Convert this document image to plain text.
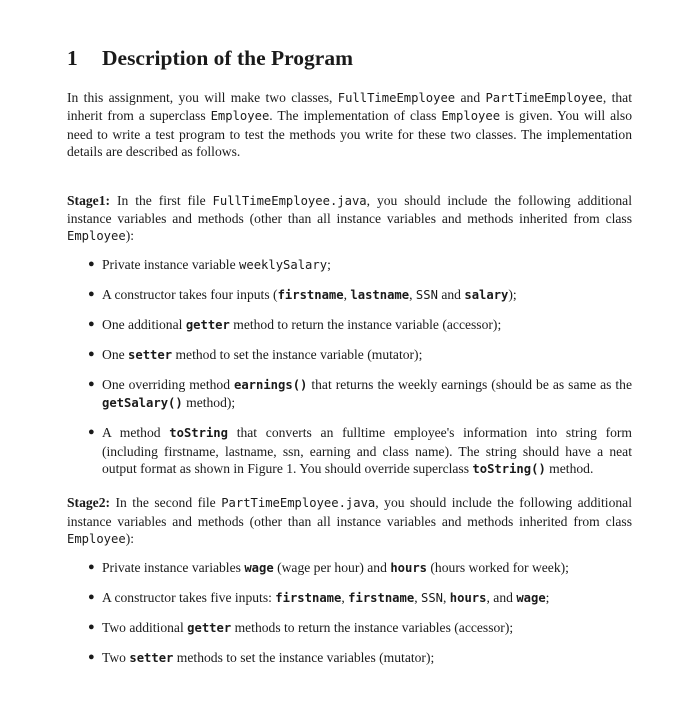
1 Description of the Program

In this assignment, you will make two classes, FullTimeEmployee and PartTimeEmployee, that inherit from a superclass Employee. The implementation of class Employee is given. You will also need to write a test program to test the methods you write for these two classes. The implementation details are described as follows.

Stage1: In the first file FullTimeEmployee.java, you should include the following additional instance variables and methods (other than all instance variables and methods inherited from class Employee):

● Private instance variable weeklySalary;
● A constructor takes four inputs (firstname, lastname, SSN and salary);
● One additional getter method to return the instance variable (accessor);
● One setter method to set the instance variable (mutator);
● One overriding method earnings() that returns the weekly earnings (should be as same as the getSalary() method);
● A method toString that converts an fulltime employee's information into string form (including firstname, lastname, ssn, earning and class name). The string should have a neat output format as shown in Figure 1. You should override superclass toString() method.

Stage2: In the second file PartTimeEmployee.java, you should include the following additional instance variables and methods (other than all instance variables and methods inherited from class Employee):

● Private instance variables wage (wage per hour) and hours (hours worked for week);
● A constructor takes five inputs: firstname, firstname, SSN, hours, and wage;
● Two additional getter methods to return the instance variables (accessor);
● Two setter methods to set the instance variables (mutator);
